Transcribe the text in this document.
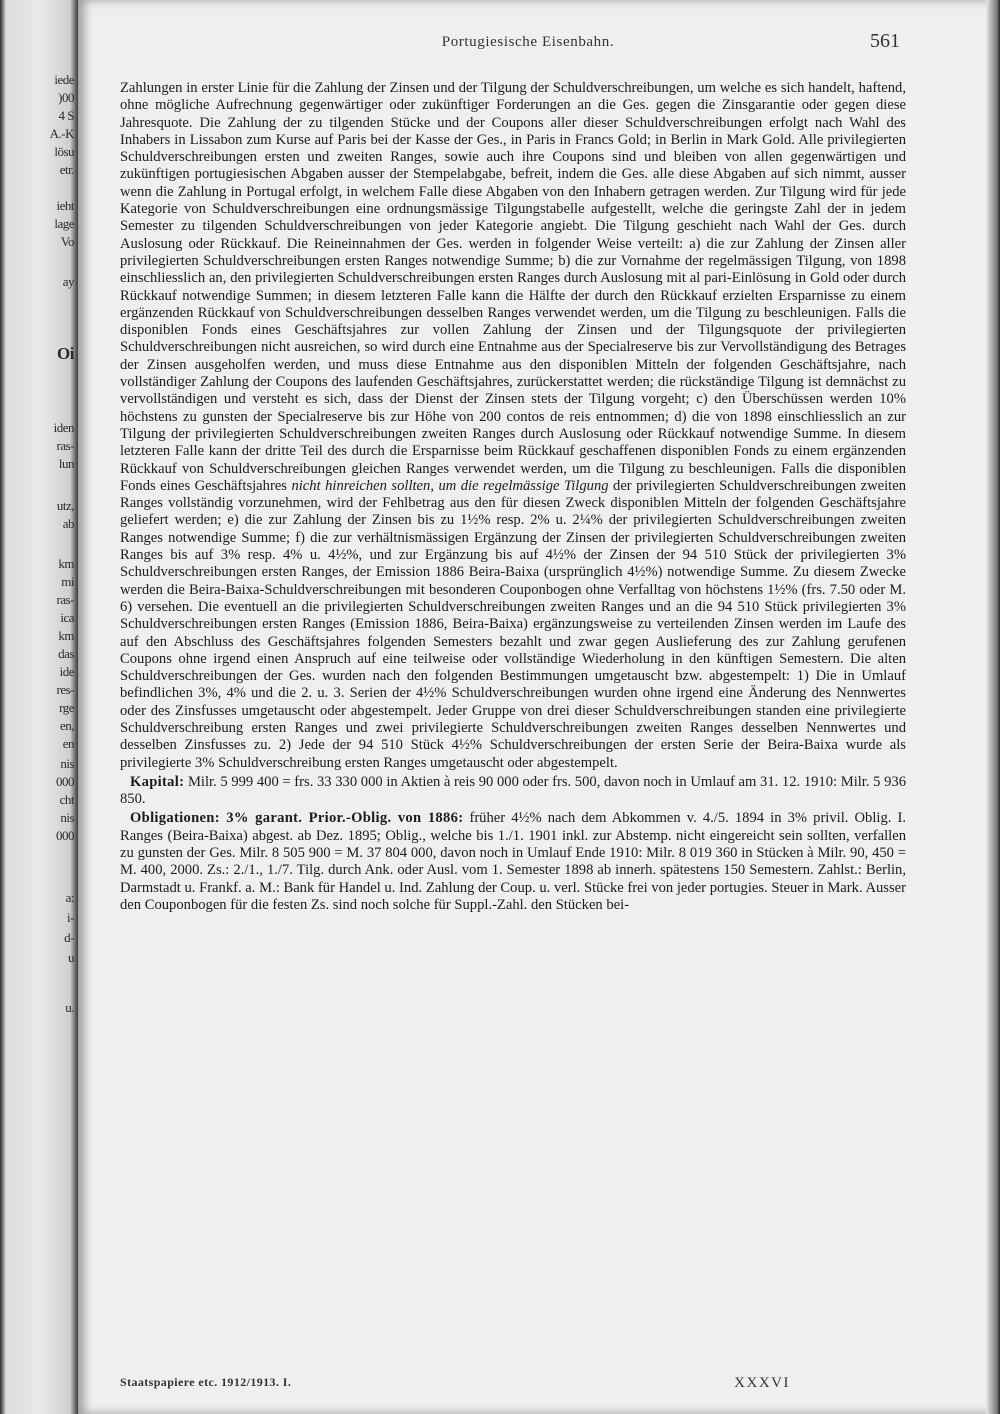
iede
)00
4 S
A.-K
lösu
etr.
ieht
lage
Vo
ay
Oi
iden
ras-
lun
utz,
ab
km
mi
ras-
ica
km
das
ide
res-
rge
en,
en
nis
000
cht
nis
000
a:
i-
d-
u
u.
Portugiesische Eisenbahn.	561

Zahlungen in erster Linie für die Zahlung der Zinsen und der Tilgung der Schuldverschreibungen, um welche es sich handelt, haftend, ohne mögliche Aufrechnung gegenwärtiger oder zukünftiger Forderungen an die Ges. gegen die Zinsgarantie oder gegen diese Jahresquote. Die Zahlung der zu tilgenden Stücke und der Coupons aller dieser Schuldverschreibungen erfolgt nach Wahl des Inhabers in Lissabon zum Kurse auf Paris bei der Kasse der Ges., in Paris in Francs Gold; in Berlin in Mark Gold. Alle privilegierten Schuldverschreibungen ersten und zweiten Ranges, sowie auch ihre Coupons sind und bleiben von allen gegenwärtigen und zukünftigen portugiesischen Abgaben ausser der Stempelabgabe, befreit, indem die Ges. alle diese Abgaben auf sich nimmt, ausser wenn die Zahlung in Portugal erfolgt, in welchem Falle diese Abgaben von den Inhabern getragen werden. Zur Tilgung wird für jede Kategorie von Schuldverschreibungen eine ordnungsmässige Tilgungstabelle aufgestellt, welche die geringste Zahl der in jedem Semester zu tilgenden Schuldverschreibungen von jeder Kategorie angiebt. Die Tilgung geschieht nach Wahl der Ges. durch Auslosung oder Rückkauf. Die Reineinnahmen der Ges. werden in folgender Weise verteilt: a) die zur Zahlung der Zinsen aller privilegierten Schuldverschreibungen ersten Ranges notwendige Summe; b) die zur Vornahme der regelmässigen Tilgung, von 1898 einschliesslich an, den privilegierten Schuldverschreibungen ersten Ranges durch Auslosung mit al pari-Einlösung in Gold oder durch Rückkauf notwendige Summen; in diesem letzteren Falle kann die Hälfte der durch den Rückkauf erzielten Ersparnisse zu einem ergänzenden Rückkauf von Schuldverschreibungen desselben Ranges verwendet werden, um die Tilgung zu beschleunigen. Falls die disponiblen Fonds eines Geschäftsjahres zur vollen Zahlung der Zinsen und der Tilgungsquote der privilegierten Schuldverschreibungen nicht ausreichen, so wird durch eine Entnahme aus der Specialreserve bis zur Vervollständigung des Betrages der Zinsen ausgeholfen werden, und muss diese Entnahme aus den disponiblen Mitteln der folgenden Geschäftsjahre, nach vollständiger Zahlung der Coupons des laufenden Geschäftsjahres, zurückerstattet werden; die rückständige Tilgung ist demnächst zu vervollständigen und versteht es sich, dass der Dienst der Zinsen stets der Tilgung vorgeht; c) den Überschüssen werden 10% höchstens zu gunsten der Specialreserve bis zur Höhe von 200 contos de reis entnommen; d) die von 1898 einschliesslich an zur Tilgung der privilegierten Schuldverschreibungen zweiten Ranges durch Auslosung oder Rückkauf notwendige Summe. In diesem letzteren Falle kann der dritte Teil des durch die Ersparnisse beim Rückkauf geschaffenen disponiblen Fonds zu einem ergänzenden Rückkauf von Schuldverschreibungen gleichen Ranges verwendet werden, um die Tilgung zu beschleunigen. Falls die disponiblen Fonds eines Geschäftsjahres nicht hinreichen sollten, um die regelmässige Tilgung der privilegierten Schuldverschreibungen zweiten Ranges vollständig vorzunehmen, wird der Fehlbetrag aus den für diesen Zweck disponiblen Mitteln der folgenden Geschäftsjahre geliefert werden; e) die zur Zahlung der Zinsen bis zu 1½% resp. 2% u. 2¼% der privilegierten Schuldverschreibungen zweiten Ranges notwendige Summe; f) die zur verhältnismässigen Ergänzung der Zinsen der privilegierten Schuldverschreibungen zweiten Ranges bis auf 3% resp. 4% u. 4½%, und zur Ergänzung bis auf 4½% der Zinsen der 94 510 Stück der privilegierten 3% Schuldverschreibungen ersten Ranges, der Emission 1886 Beira-Baixa (ursprünglich 4½%) notwendige Summe. Zu diesem Zwecke werden die Beira-Baixa-Schuldverschreibungen mit besonderen Couponbogen ohne Verfalltag von höchstens 1½% (frs. 7.50 oder M. 6) versehen. Die eventuell an die privilegierten Schuldverschreibungen zweiten Ranges und an die 94 510 Stück privilegierten 3% Schuldverschreibungen ersten Ranges (Emission 1886, Beira-Baixa) ergänzungsweise zu verteilenden Zinsen werden im Laufe des auf den Abschluss des Geschäftsjahres folgenden Semesters bezahlt und zwar gegen Auslieferung des zur Zahlung gerufenen Coupons ohne irgend einen Anspruch auf eine teilweise oder vollständige Wiederholung in den künftigen Semestern. Die alten Schuldverschreibungen der Ges. wurden nach den folgenden Bestimmungen umgetauscht bzw. abgestempelt: 1) Die in Umlauf befindlichen 3%, 4% und die 2. u. 3. Serien der 4½% Schuldverschreibungen wurden ohne irgend eine Änderung des Nennwertes oder des Zinsfusses umgetauscht oder abgestempelt. Jeder Gruppe von drei dieser Schuldverschreibungen standen eine privilegierte Schuldverschreibung ersten Ranges und zwei privilegierte Schuldverschreibungen zweiten Ranges desselben Nennwertes und desselben Zinsfusses zu. 2) Jede der 94 510 Stück 4½% Schuldverschreibungen der ersten Serie der Beira-Baixa wurde als privilegierte 3% Schuldverschreibung ersten Ranges umgetauscht oder abgestempelt.

Kapital: Milr. 5 999 400 = frs. 33 330 000 in Aktien à reis 90 000 oder frs. 500, davon noch in Umlauf am 31. 12. 1910: Milr. 5 936 850.

Obligationen: 3% garant. Prior.-Oblig. von 1886: früher 4½% nach dem Abkommen v. 4./5. 1894 in 3% privil. Oblig. I. Ranges (Beira-Baixa) abgest. ab Dez. 1895; Oblig., welche bis 1./1. 1901 inkl. zur Abstemp. nicht eingereicht sein sollten, verfallen zu gunsten der Ges. Milr. 8 505 900 = M. 37 804 000, davon noch in Umlauf Ende 1910: Milr. 8 019 360 in Stücken à Milr. 90, 450 = M. 400, 2000. Zs.: 2./1., 1./7. Tilg. durch Ank. oder Ausl. vom 1. Semester 1898 ab innerh. spätestens 150 Semestern. Zahlst.: Berlin, Darmstadt u. Frankf. a. M.: Bank für Handel u. Ind. Zahlung der Coup. u. verl. Stücke frei von jeder portugies. Steuer in Mark. Ausser den Couponbogen für die festen Zs. sind noch solche für Suppl.-Zahl. den Stücken bei-

Staatspapiere etc. 1912/1913. I.	XXXVI
